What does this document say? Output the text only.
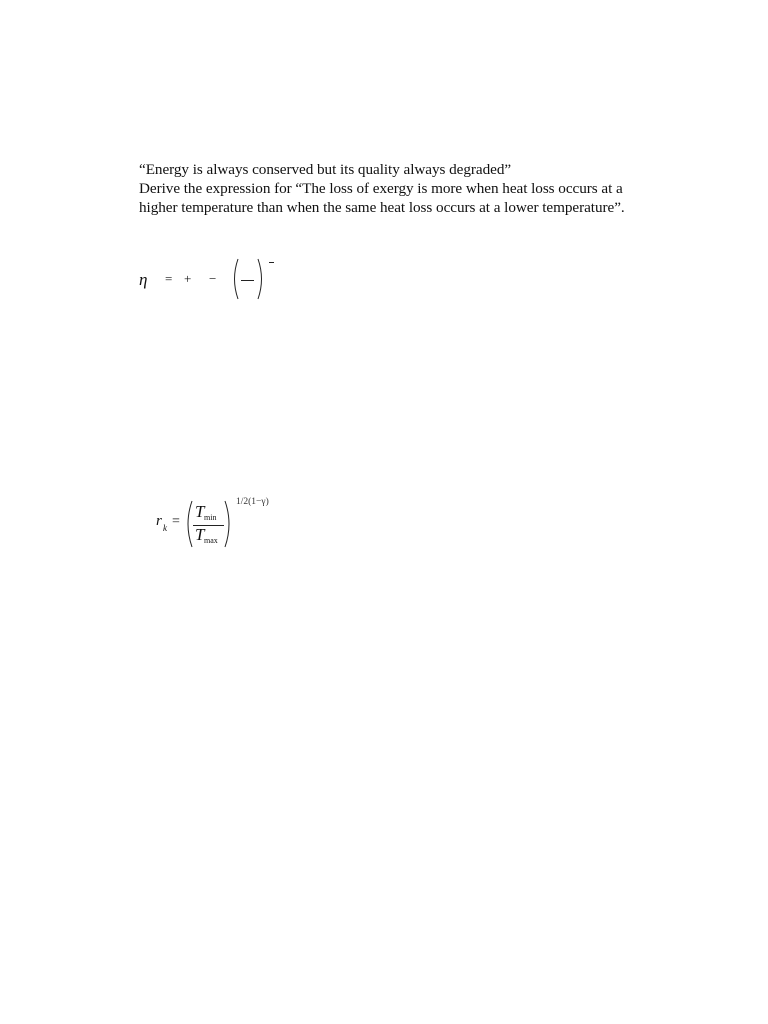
“Energy is always conserved but its quality always degraded”
Derive the expression for “The loss of exergy is more when heat loss occurs at a
higher temperature than when the same heat loss occurs at a lower temperature”.
η = + −
r k =
T min
T max
1/2(1−γ)
